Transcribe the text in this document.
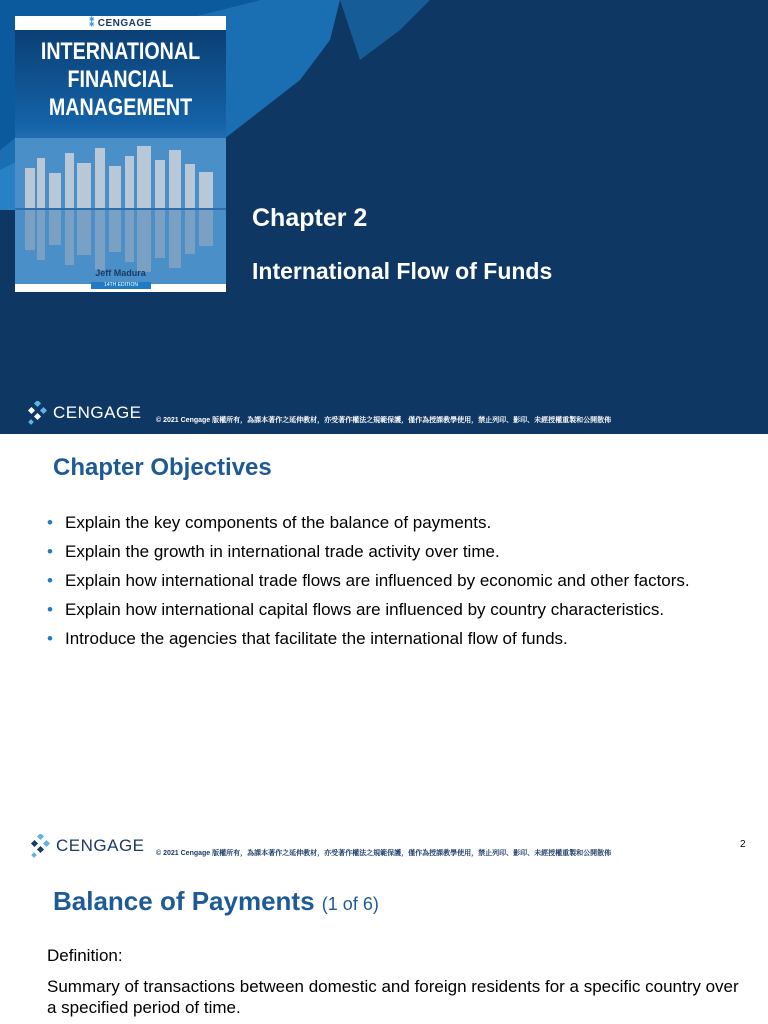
⁑ CENGAGE
INTERNATIONAL
FINANCIAL
MANAGEMENT
Jeff Madura
14TH EDITION
Chapter 2
International Flow of Funds
CENGAGE © 2021 Cengage 版權所有，為課本著作之延伸教材，亦受著作權法之規範保護，僅作為授課教學使用，禁止列印、影印、未經授權重製和公開散佈
Chapter Objectives
• Explain the key components of the balance of payments.
• Explain the growth in international trade activity over time.
• Explain how international trade flows are influenced by economic and other factors.
• Explain how international capital flows are influenced by country characteristics.
• Introduce the agencies that facilitate the international flow of funds.
CENGAGE © 2021 Cengage 版權所有，為課本著作之延伸教材，亦受著作權法之規範保護，僅作為授課教學使用，禁止列印、影印、未經授權重製和公開散佈
2
Balance of Payments (1 of 6)
Definition:
Summary of transactions between domestic and foreign residents for a specific country over a specified period of time.
